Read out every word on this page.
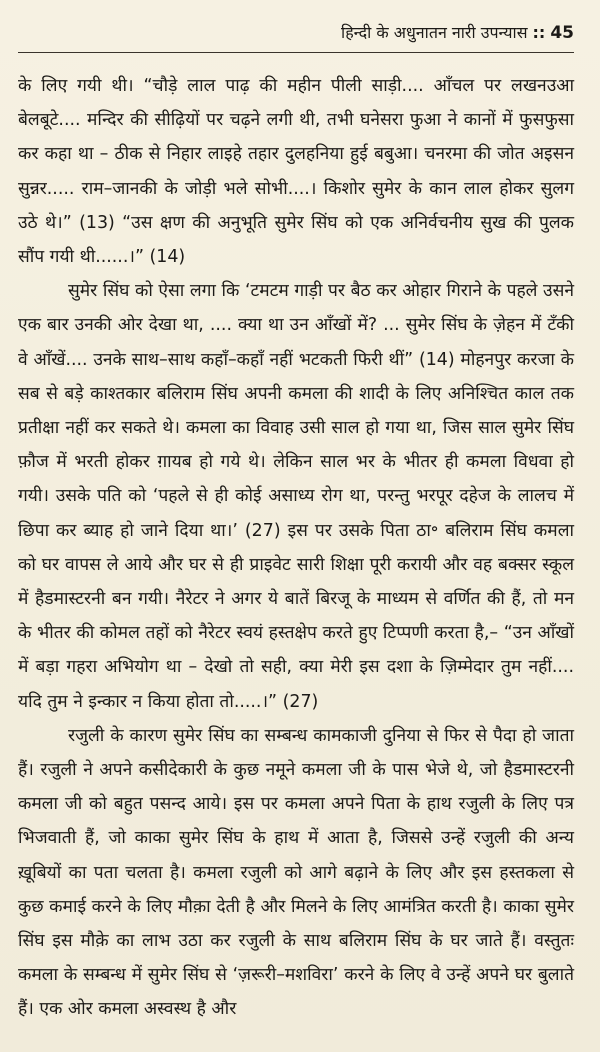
हिन्दी के अधुनातन नारी उपन्यास :: 45

के लिए गयी थी। “चौड़े लाल पाढ़ की महीन पीली साड़ी.... आँचल पर लखनउआ बेलबूटे.... मन्दिर की सीढ़ियों पर चढ़ने लगी थी, तभी घनेसरा फुआ ने कानों में फुसफुसा कर कहा था – ठीक से निहार लाइहे तहार दुलहनिया हुई बबुआ। चनरमा की जोत अइसन सुन्नर..... राम–जानकी के जोड़ी भले सोभी....। किशोर सुमेर के कान लाल होकर सुलग उठे थे।” (13) “उस क्षण की अनुभूति सुमेर सिंघ को एक अनिर्वचनीय सुख की पुलक सौंप गयी थी......।” (14)

सुमेर सिंघ को ऐसा लगा कि ‘टमटम गाड़ी पर बैठ कर ओहार गिराने के पहले उसने एक बार उनकी ओर देखा था, .... क्या था उन आँखों में? ... सुमेर सिंघ के ज़ेहन में टँकी वे आँखें.... उनके साथ–साथ कहाँ–कहाँ नहीं भटकती फिरी थीं” (14) मोहनपुर करजा के सब से बड़े काश्तकार बलिराम सिंघ अपनी कमला की शादी के लिए अनिश्चित काल तक प्रतीक्षा नहीं कर सकते थे। कमला का विवाह उसी साल हो गया था, जिस साल सुमेर सिंघ फ़ौज में भरती होकर ग़ायब हो गये थे। लेकिन साल भर के भीतर ही कमला विधवा हो गयी। उसके पति को ‘पहले से ही कोई असाध्य रोग था, परन्तु भरपूर दहेज के लालच में छिपा कर ब्याह हो जाने दिया था।’ (27) इस पर उसके पिता ठा॰ बलिराम सिंघ कमला को घर वापस ले आये और घर से ही प्राइवेट सारी शिक्षा पूरी करायी और वह बक्सर स्कूल में हैडमास्टरनी बन गयी। नैरेटर ने अगर ये बातें बिरजू के माध्यम से वर्णित की हैं, तो मन के भीतर की कोमल तहों को नैरेटर स्वयं हस्तक्षेप करते हुए टिप्पणी करता है,– “उन आँखों में बड़ा गहरा अभियोग था – देखो तो सही, क्या मेरी इस दशा के ज़िम्मेदार तुम नहीं.... यदि तुम ने इन्कार न किया होता तो.....।” (27)

रजुली के कारण सुमेर सिंघ का सम्बन्ध कामकाजी दुनिया से फिर से पैदा हो जाता हैं। रजुली ने अपने कसीदेकारी के कुछ नमूने कमला जी के पास भेजे थे, जो हैडमास्टरनी कमला जी को बहुत पसन्द आये। इस पर कमला अपने पिता के हाथ रजुली के लिए पत्र भिजवाती हैं, जो काका सुमेर सिंघ के हाथ में आता है, जिससे उन्हें रजुली की अन्य ख़ूबियों का पता चलता है। कमला रजुली को आगे बढ़ाने के लिए और इस हस्तकला से कुछ कमाई करने के लिए मौक़ा देती है और मिलने के लिए आमंत्रित करती है। काका सुमेर सिंघ इस मौक़े का लाभ उठा कर रजुली के साथ बलिराम सिंघ के घर जाते हैं। वस्तुतः कमला के सम्बन्ध में सुमेर सिंघ से ‘ज़रूरी–मशविरा’ करने के लिए वे उन्हें अपने घर बुलाते हैं। एक ओर कमला अस्वस्थ है और
